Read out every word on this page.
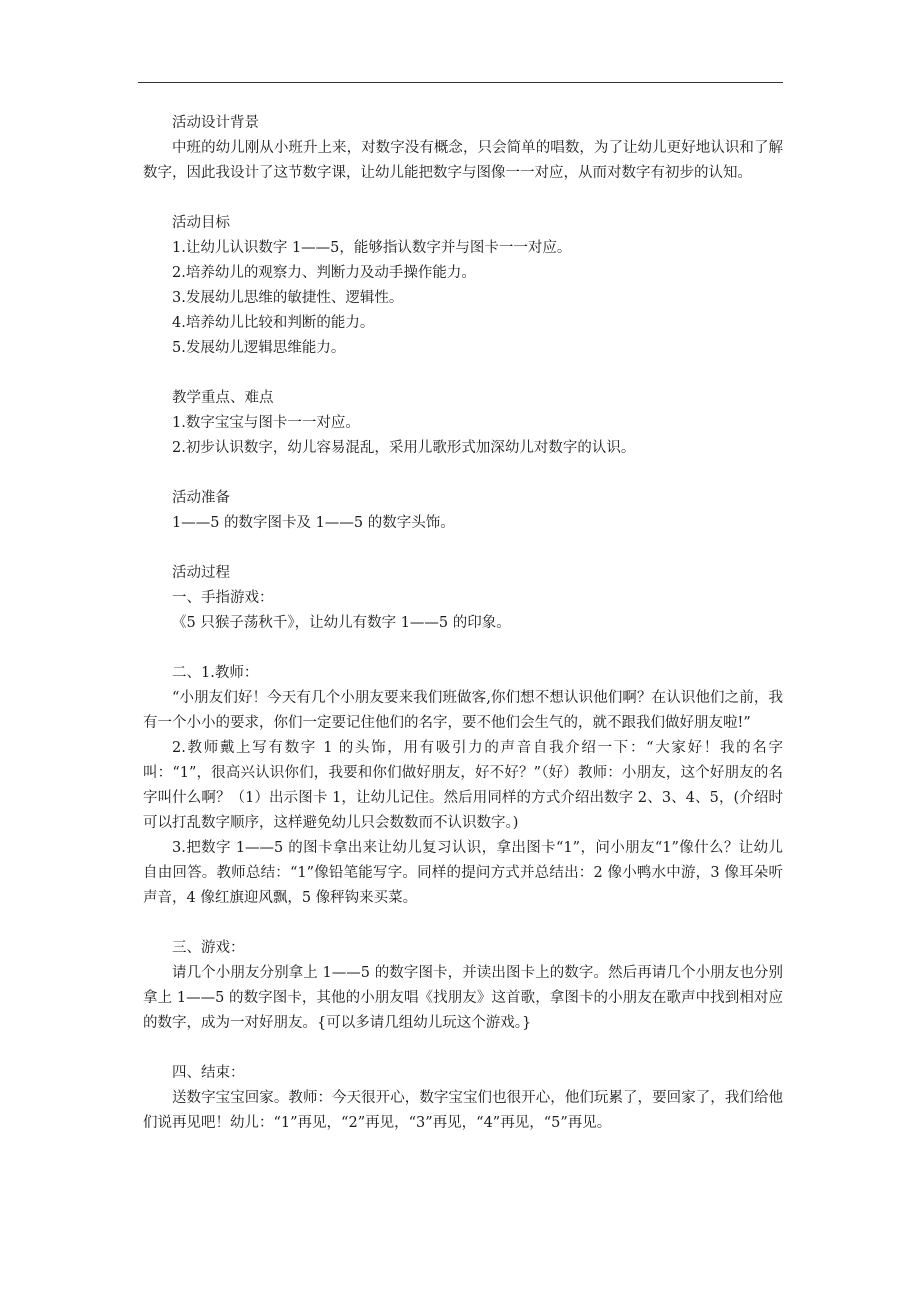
活动设计背景

中班的幼儿刚从小班升上来，对数字没有概念，只会简单的唱数，为了让幼儿更好地认识和了解数字，因此我设计了这节数字课，让幼儿能把数字与图像一一对应，从而对数字有初步的认知。

活动目标

1.让幼儿认识数字 1——5，能够指认数字并与图卡一一对应。

2.培养幼儿的观察力、判断力及动手操作能力。

3.发展幼儿思维的敏捷性、逻辑性。

4.培养幼儿比较和判断的能力。

5.发展幼儿逻辑思维能力。

教学重点、难点

1.数字宝宝与图卡一一对应。

2.初步认识数字，幼儿容易混乱，采用儿歌形式加深幼儿对数字的认识。

活动准备

1——5 的数字图卡及 1——5 的数字头饰。

活动过程

一、手指游戏：

《5 只猴子荡秋千》，让幼儿有数字 1——5 的印象。

二、1.教师：

“小朋友们好！今天有几个小朋友要来我们班做客,你们想不想认识他们啊？在认识他们之前，我有一个小小的要求，你们一定要记住他们的名字，要不他们会生气的，就不跟我们做好朋友啦!”

2.教师戴上写有数字 1 的头饰，用有吸引力的声音自我介绍一下：“大家好！我的名字叫：“1”，很高兴认识你们，我要和你们做好朋友，好不好？”（好）教师：小朋友，这个好朋友的名字叫什么啊？（1）出示图卡 1，让幼儿记住。然后用同样的方式介绍出数字 2、3、4、5，(介绍时可以打乱数字顺序，这样避免幼儿只会数数而不认识数字。)

3.把数字 1——5 的图卡拿出来让幼儿复习认识，拿出图卡“1”，问小朋友“1”像什么？让幼儿自由回答。教师总结：“1”像铅笔能写字。同样的提问方式并总结出：2 像小鸭水中游，3 像耳朵听声音，4 像红旗迎风飘，5 像秤钩来买菜。

三、游戏：

请几个小朋友分别拿上 1——5 的数字图卡，并读出图卡上的数字。然后再请几个小朋友也分别拿上 1——5 的数字图卡，其他的小朋友唱《找朋友》这首歌，拿图卡的小朋友在歌声中找到相对应的数字，成为一对好朋友。{可以多请几组幼儿玩这个游戏。}

四、结束：

送数字宝宝回家。教师：今天很开心，数字宝宝们也很开心，他们玩累了，要回家了，我们给他们说再见吧！幼儿：“1”再见，“2”再见，“3”再见，“4”再见，“5”再见。
